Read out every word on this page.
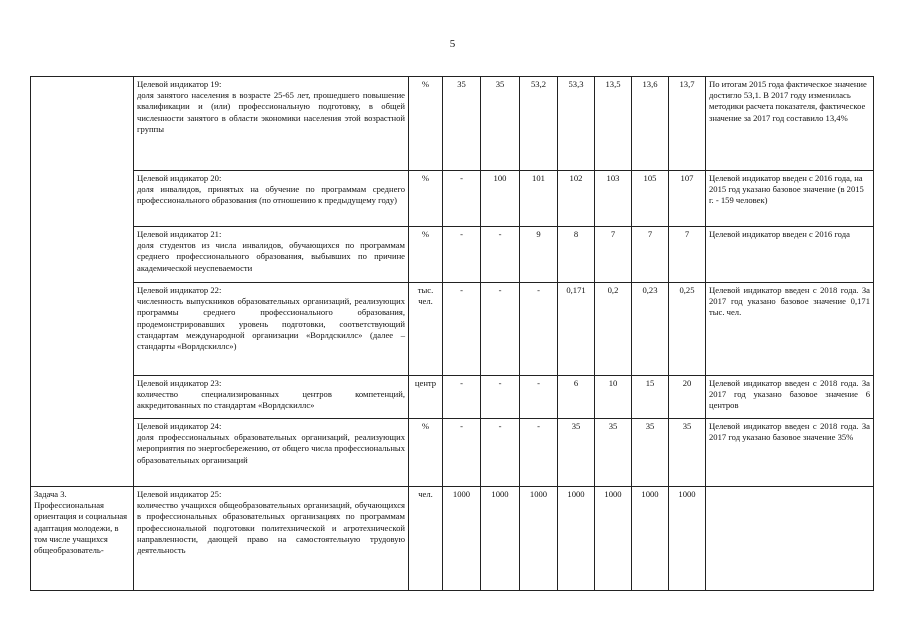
5

	Целевой индикатор 19:
доля занятого населения в возрасте 25-65 лет, прошедшего повышение квалификации и (или) профессиональную подготовку, в общей численности занятого в области экономики населения этой возрастной группы	%	35	35	53,2	53,3	13,5	13,6	13,7	По итогам 2015 года фактическое значение достигло 53,1. В 2017 году изменилась методики расчета показателя, фактическое значение за 2017 год составило 13,4%

	Целевой индикатор 20:
доля инвалидов, принятых на обучение по программам среднего профессионального образования (по отношению к предыдущему году)	%	-	100	101	102	103	105	107	Целевой индикатор введен с 2016 года, на 2015 год указано базовое значение (в 2015 г. - 159 человек)

	Целевой индикатор 21:
доля студентов из числа инвалидов, обучающихся по программам среднего профессионального образования, выбывших по причине академической неуспеваемости	%	-	-	9	8	7	7	7	Целевой индикатор введен с 2016 года

	Целевой индикатор 22:
численность выпускников образовательных организаций, реализующих программы среднего профессионального образования, продемонстрировавших уровень подготовки, соответствующий стандартам международной организации «Ворлдскиллс» (далее – стандарты «Ворлдскиллс»)	тыс. чел.	-	-	-	0,171	0,2	0,23	0,25	Целевой индикатор введен с 2018 года. За 2017 год указано базовое значение 0,171 тыс. чел.

	Целевой индикатор 23:
количество специализированных центров компетенций, аккредитованных по стандартам «Ворлдскиллс»	центр	-	-	-	6	10	15	20	Целевой индикатор введен с 2018 года. За 2017 год указано базовое значение 6 центров

	Целевой индикатор 24:
доля профессиональных образовательных организаций, реализующих мероприятия по энергосбережению, от общего числа профессиональных образовательных организаций	%	-	-	-	35	35	35	35	Целевой индикатор введен с 2018 года. За 2017 год указано базовое значение 35%
Задача 3. Профессиональная ориентация и социальная адаптация молодежи, в том числе учащихся общеобразователь-	Целевой индикатор 25:
количество учащихся общеобразовательных организаций, обучающихся в профессиональных образовательных организациях по программам профессиональной подготовки политехнической и агротехнической направленности, дающей право на самостоятельную трудовую деятельность	чел.	1000	1000	1000	1000	1000	1000	1000	
